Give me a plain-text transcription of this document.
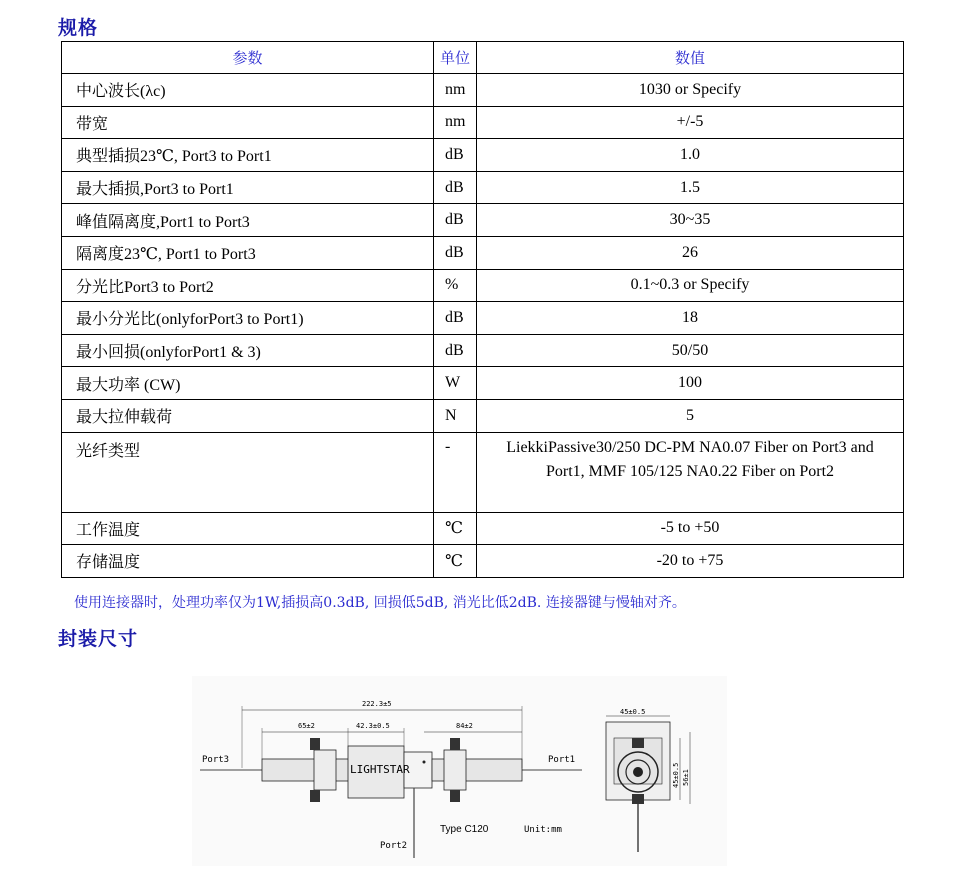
规格
参数	单位	数值
中心波长(λc)	nm	1030 or Specify
带宽	nm	+/-5
典型插损23℃, Port3 to Port1	dB	1.0
最大插损,Port3 to Port1	dB	1.5
峰值隔离度,Port1 to Port3	dB	30~35
隔离度23℃, Port1 to Port3	dB	26
分光比Port3 to Port2	%	0.1~0.3 or Specify
最小分光比(onlyforPort3 to Port1)	dB	18
最小回损(onlyforPort1 & 3)	dB	50/50
最大功率 (CW)	W	100
最大拉伸载荷	N	5
光纤类型	-	LiekkiPassive30/250 DC-PM NA0.07 Fiber on Port3 and Port1, MMF 105/125 NA0.22 Fiber on Port2
工作温度	℃	-5 to +50
存储温度	℃	-20 to +75
使用连接器时，处理功率仅为1W,插损高0.3dB, 回损低5dB, 消光比低2dB. 连接器键与慢轴对齐。
封装尺寸
222.3±5
65±2	42.3±0.5	84±2
LIGHTSTAR
Port3	Port1
Port2
Type C120	Unit:mm
45±0.5
45±0.5 56±1
